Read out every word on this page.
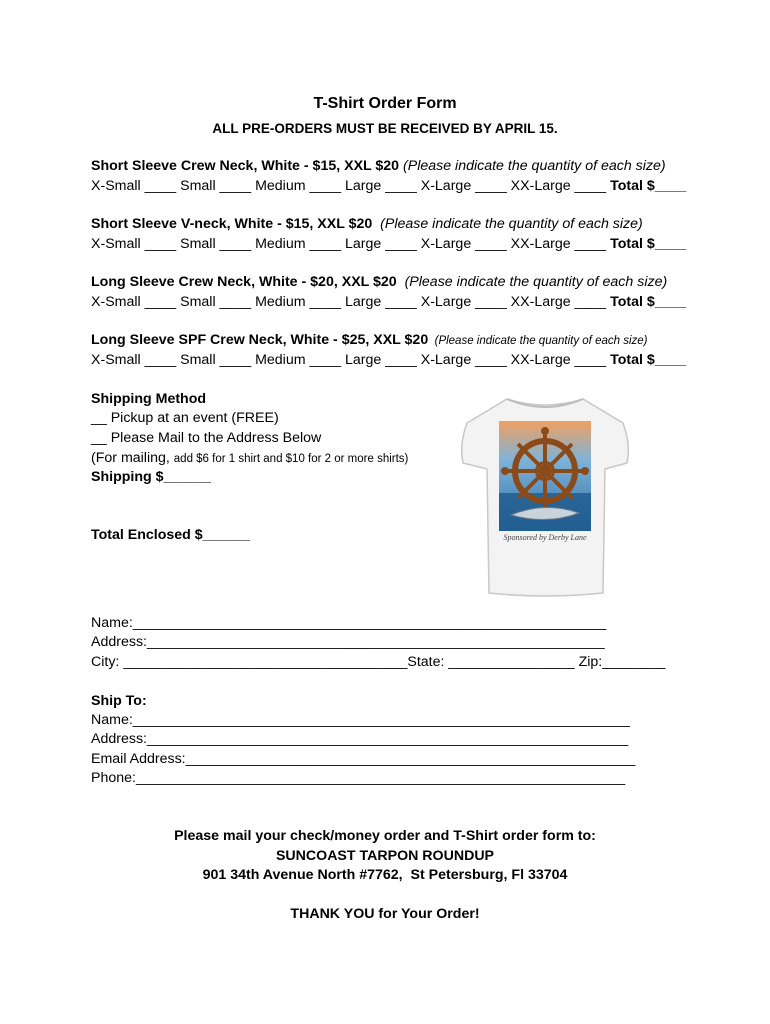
T-Shirt Order Form
ALL PRE-ORDERS MUST BE RECEIVED BY APRIL 15.
Short Sleeve Crew Neck, White - $15, XXL $20 (Please indicate the quantity of each size)
X-Small ____ Small ____ Medium ____ Large ____ X-Large ____ XX-Large ____ Total $____
Short Sleeve V-neck, White - $15, XXL $20  (Please indicate the quantity of each size)
X-Small ____ Small ____ Medium ____ Large ____ X-Large ____ XX-Large ____ Total $____
Long Sleeve Crew Neck, White - $20, XXL $20  (Please indicate the quantity of each size)
X-Small ____ Small ____ Medium ____ Large ____ X-Large ____ XX-Large ____ Total $____
Long Sleeve SPF Crew Neck, White - $25, XXL $20  (Please indicate the quantity of each size)
X-Small ____ Small ____ Medium ____ Large ____ X-Large ____ XX-Large ____ Total $____
Shipping Method
__ Pickup at an event (FREE)
__ Please Mail to the Address Below
(For mailing, add $6 for 1 shirt and $10 for 2 or more shirts)
Shipping $______
Total Enclosed $______	Sponsored by Derby Lane
Name:____________________________________________________________
Address:__________________________________________________________
City: ____________________________________State: ________________ Zip:________
Ship To:
Name:_______________________________________________________________
Address:_____________________________________________________________
Email Address:_________________________________________________________
Phone:______________________________________________________________
Please mail your check/money order and T-Shirt order form to:
SUNCOAST TARPON ROUNDUP
901 34th Avenue North #7762,  St Petersburg, Fl 33704
THANK YOU for Your Order!
